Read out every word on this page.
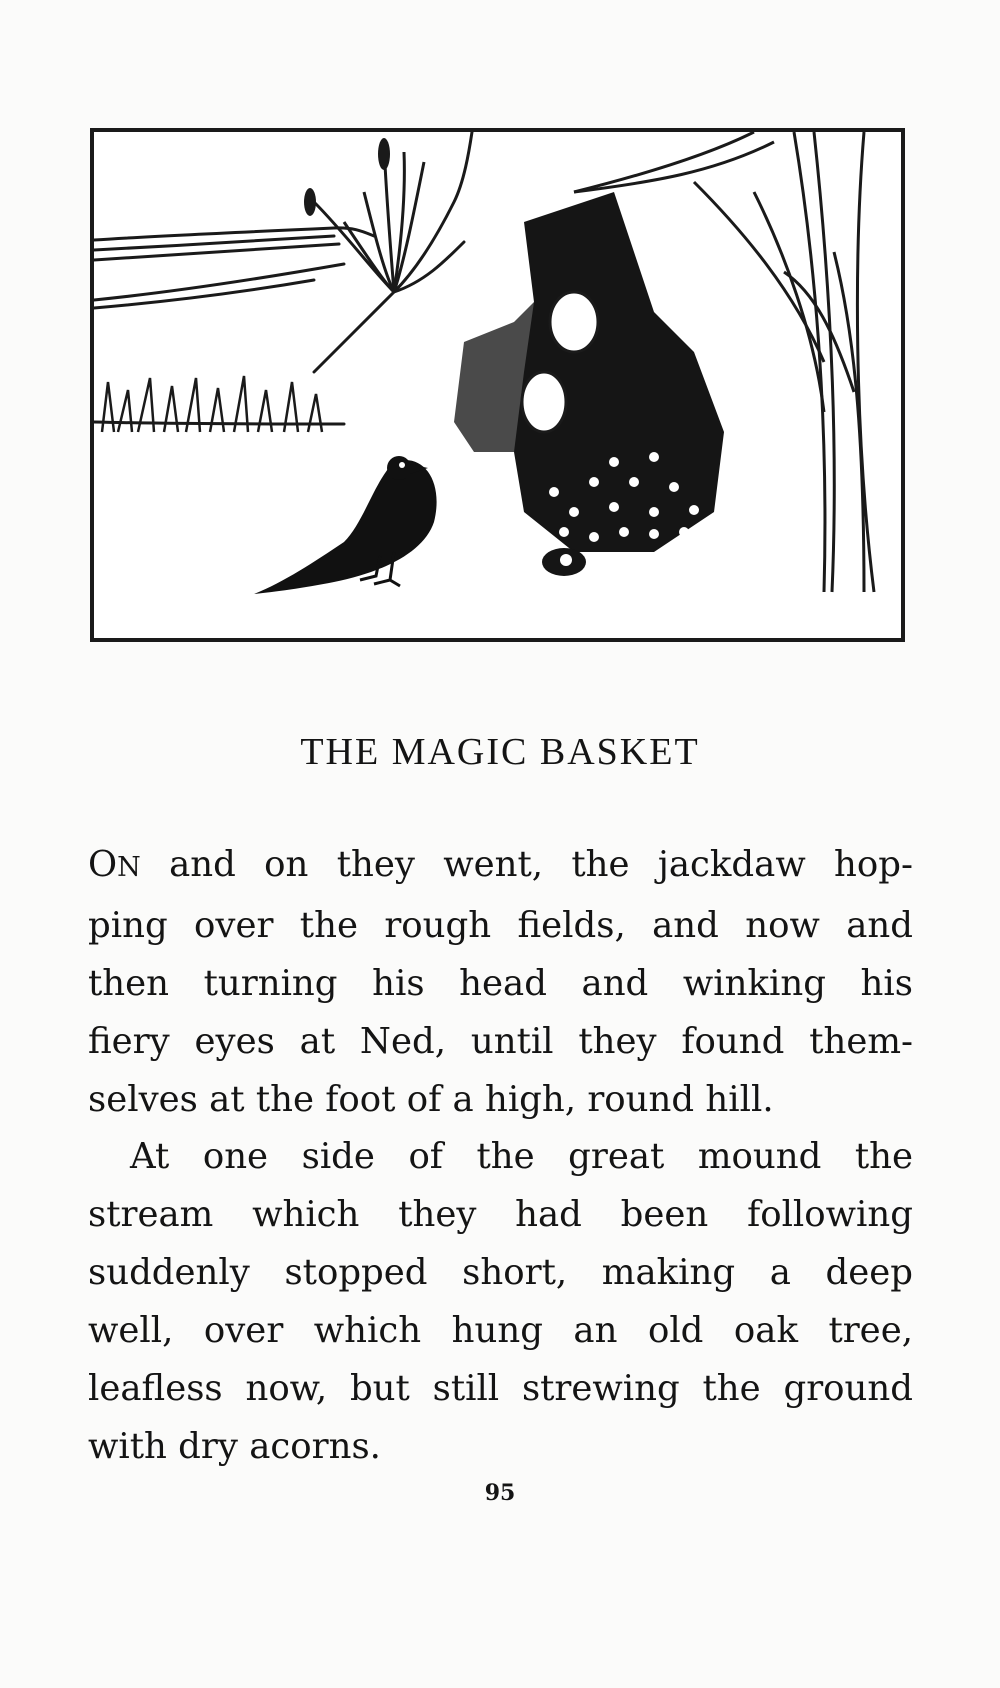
THE MAGIC BASKET

ON and on they went, the jackdaw hop-
ping over the rough fields, and now and
then turning his head and winking his
fiery eyes at Ned, until they found them-
selves at the foot of a high, round hill.

At one side of the great mound the
stream which they had been following
suddenly stopped short, making a deep
well, over which hung an old oak tree,
leafless now, but still strewing the ground
with dry acorns.

95
